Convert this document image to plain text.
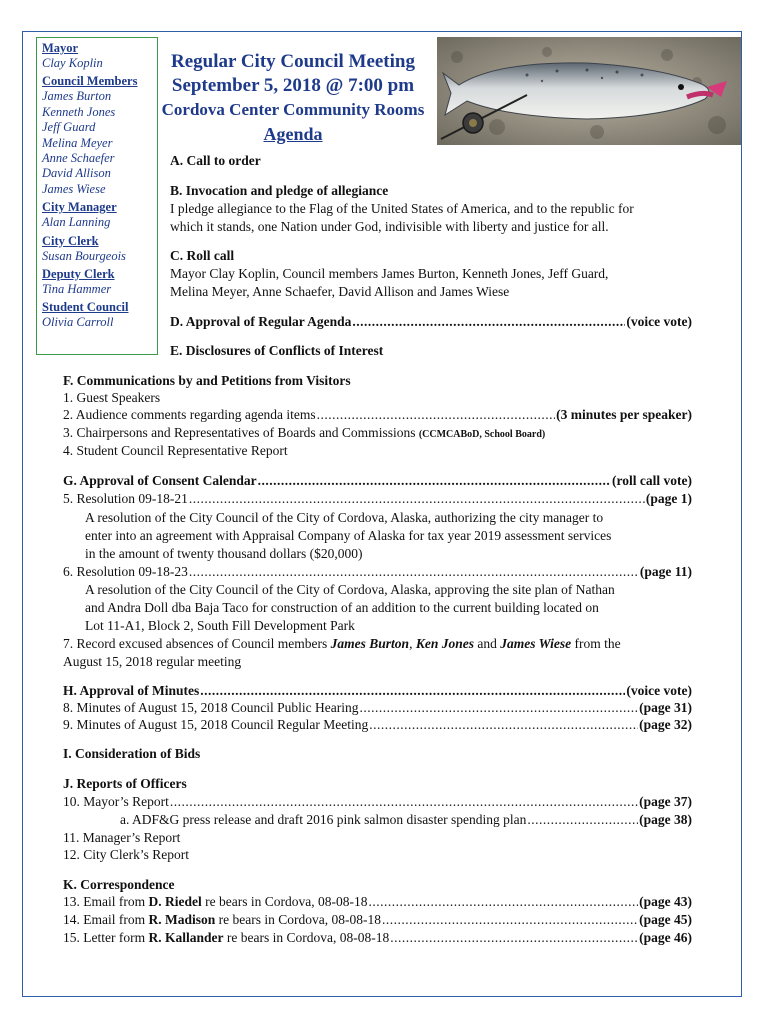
Mayor
Clay Koplin
Council Members
James Burton
Kenneth Jones
Jeff Guard
Melina Meyer
Anne Schaefer
David Allison
James Wiese
City Manager
Alan Lanning
City Clerk
Susan Bourgeois
Deputy Clerk
Tina Hammer
Student Council
Olivia Carroll
Regular City Council Meeting
September 5, 2018 @ 7:00 pm
Cordova Center Community Rooms
Agenda
A. Call to order
B. Invocation and pledge of allegiance
I pledge allegiance to the Flag of the United States of America, and to the republic for
which it stands, one Nation under God, indivisible with liberty and justice for all.
C. Roll call
Mayor Clay Koplin, Council members James Burton, Kenneth Jones, Jeff Guard,
Melina Meyer, Anne Schaefer, David Allison and James Wiese
D. Approval of Regular Agenda .....	(voice vote)
E. Disclosures of Conflicts of Interest
F. Communications by and Petitions from Visitors
1. Guest Speakers
2. Audience comments regarding agenda items .....	(3 minutes per speaker)
3. Chairpersons and Representatives of Boards and Commissions (CCMCABoD, School Board)
4. Student Council Representative Report
G. Approval of Consent Calendar .....	(roll call vote)
5. Resolution 09-18-21 .....	(page 1)
A resolution of the City Council of the City of Cordova, Alaska, authorizing the city manager to
enter into an agreement with Appraisal Company of Alaska for tax year 2019 assessment services
in the amount of twenty thousand dollars ($20,000)
6. Resolution 09-18-23 .....	(page 11)
A resolution of the City Council of the City of Cordova, Alaska, approving the site plan of Nathan
and Andra Doll dba Baja Taco for construction of an addition to the current building located on
Lot 11-A1, Block 2, South Fill Development Park
7. Record excused absences of Council members James Burton, Ken Jones and James Wiese from the
August 15, 2018 regular meeting
H. Approval of Minutes .....	(voice vote)
8. Minutes of August 15, 2018 Council Public Hearing .....	(page 31)
9. Minutes of August 15, 2018 Council Regular Meeting .....	(page 32)
I. Consideration of Bids
J. Reports of Officers
10. Mayor’s Report .....	(page 37)
a. ADF&G press release and draft 2016 pink salmon disaster spending plan .....	(page 38)
11. Manager’s Report
12. City Clerk’s Report
K. Correspondence
13. Email from D. Riedel re bears in Cordova, 08-08-18 .....	(page 43)
14. Email from R. Madison re bears in Cordova, 08-08-18 .....	(page 45)
15. Letter form R. Kallander re bears in Cordova, 08-08-18 .....	(page 46)
